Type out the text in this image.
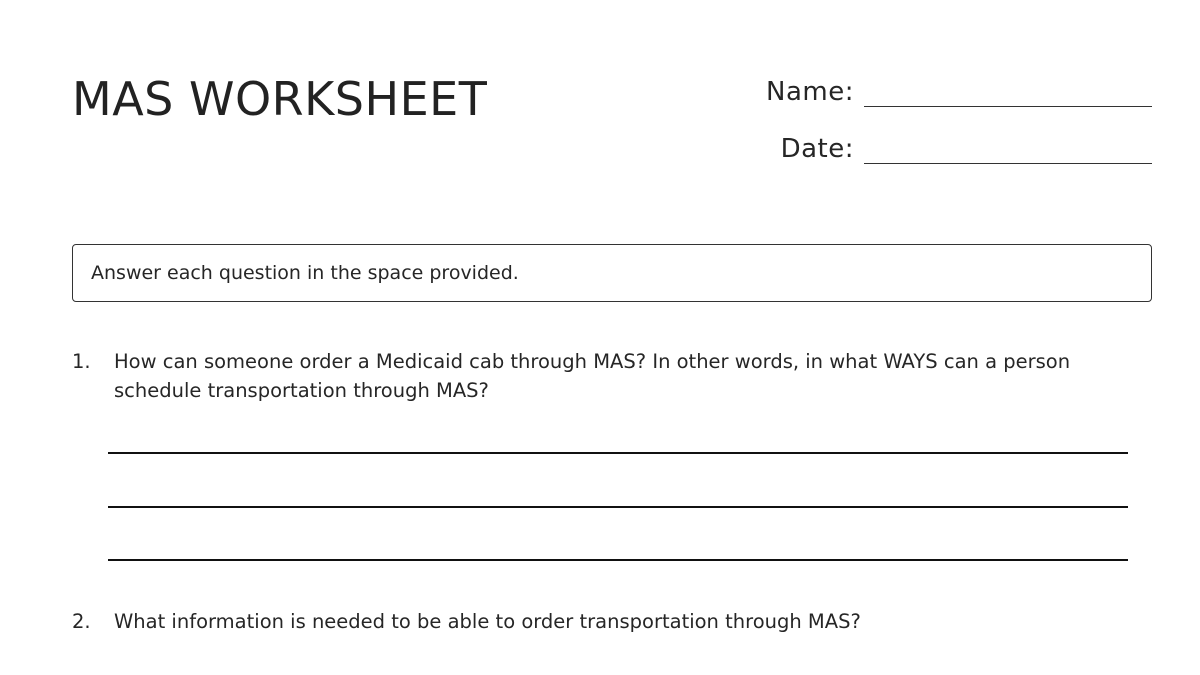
MAS WORKSHEET	Name:
Date:
Answer each question in the space provided.
1.	How can someone order a Medicaid cab through MAS? In other words, in what WAYS can a person schedule transportation through MAS?
2.	What information is needed to be able to order transportation through MAS?
